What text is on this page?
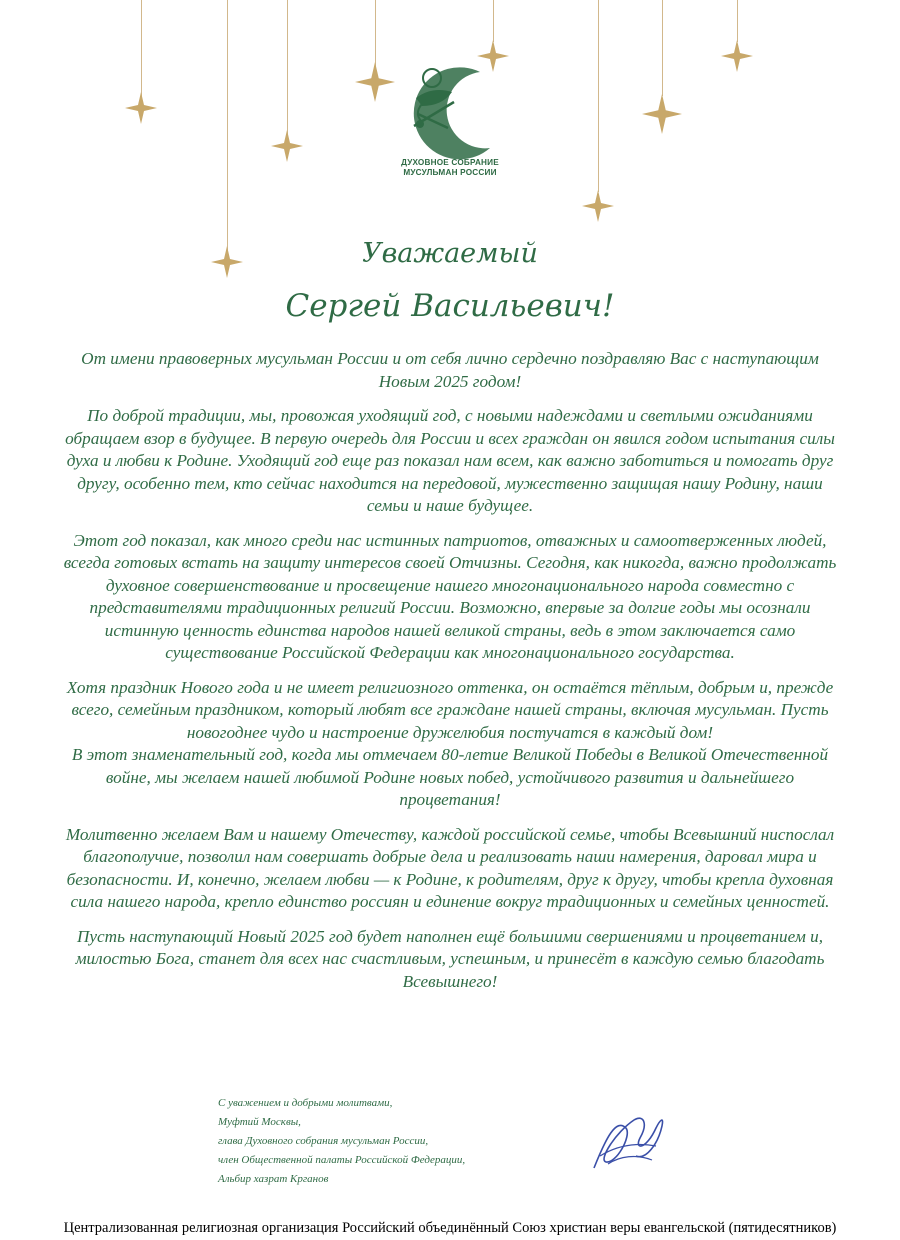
ДУХОВНОЕ СОБРАНИЕ
МУСУЛЬМАН РОССИИ
Уважаемый
Сергей Васильевич!

От имени правоверных мусульман России и от себя лично сердечно поздравляю Вас с наступающим Новым 2025 годом!

По доброй традиции, мы, провожая уходящий год, с новыми надеждами и светлыми ожиданиями обращаем взор в будущее. В первую очередь для России и всех граждан он явился годом испытания силы духа и любви к Родине. Уходящий год еще раз показал нам всем, как важно заботиться и помогать друг другу, особенно тем, кто сейчас находится на передовой, мужественно защищая нашу Родину, наши семьи и наше будущее.

Этот год показал, как много среди нас истинных патриотов, отважных и самоотверженных людей, всегда готовых встать на защиту интересов своей Отчизны. Сегодня, как никогда, важно продолжать духовное совершенствование и просвещение нашего многонационального народа совместно с представителями традиционных религий России. Возможно, впервые за долгие годы мы осознали истинную ценность единства народов нашей великой страны, ведь в этом заключается само существование Российской Федерации как многонационального государства.

Хотя праздник Нового года и не имеет религиозного оттенка, он остаётся тёплым, добрым и, прежде всего, семейным праздником, который любят все граждане нашей страны, включая мусульман. Пусть новогоднее чудо и настроение дружелюбия постучатся в каждый дом!

В этот знаменательный год, когда мы отмечаем 80-летие Великой Победы в Великой Отечественной войне, мы желаем нашей любимой Родине новых побед, устойчивого развития и дальнейшего процветания!

Молитвенно желаем Вам и нашему Отечеству, каждой российской семье, чтобы Всевышний ниспослал благополучие, позволил нам совершать добрые дела и реализовать наши намерения, даровал мира и безопасности. И, конечно, желаем любви — к Родине, к родителям, друг к другу, чтобы крепла духовная сила нашего народа, крепло единство россиян и единение вокруг традиционных и семейных ценностей.

Пусть наступающий Новый 2025 год будет наполнен ещё большими свершениями и процветанием и, милостью Бога, станет для всех нас счастливым, успешным, и принесёт в каждую семью благодать Всевышнего!

С уважением и добрыми молитвами,
Муфтий Москвы,
глава Духовного собрания мусульман России,
член Общественной палаты Российской Федерации,
Альбир хазрат Крганов
Централизованная религиозная организация Российский объединённый Союз христиан веры евангельской (пятидесятников)
